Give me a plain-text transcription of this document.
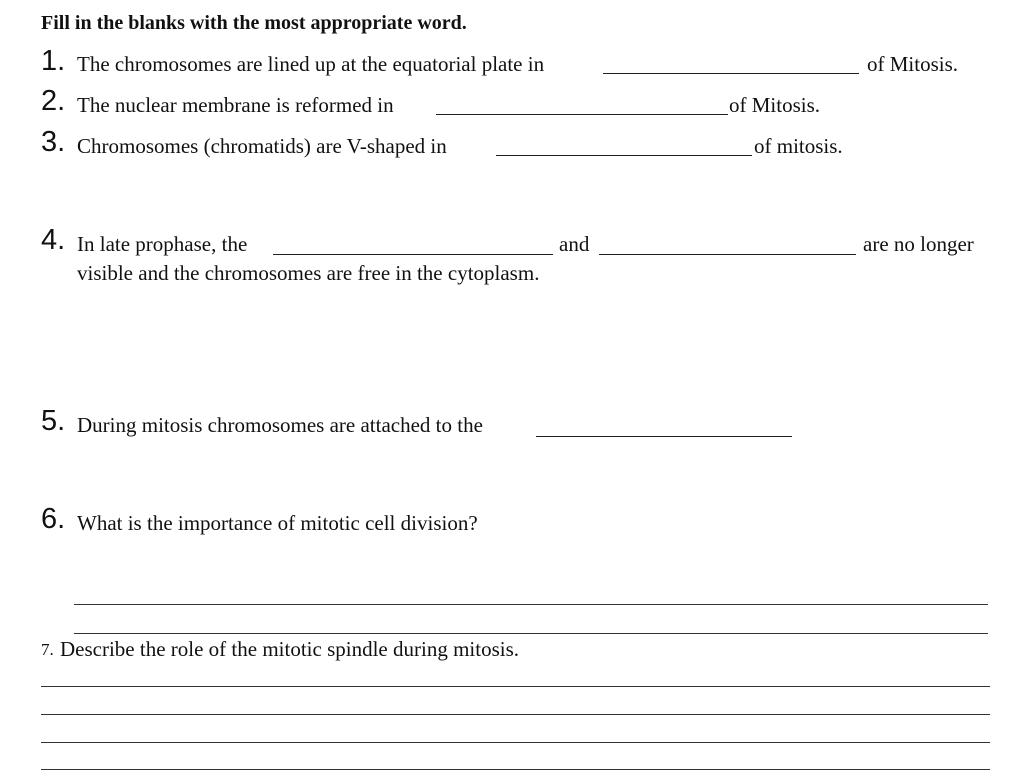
Fill in the blanks with the most appropriate word.
1. The chromosomes are lined up at the equatorial plate in	of Mitosis.
2. The nuclear membrane is reformed in	of Mitosis.
3. Chromosomes (chromatids) are V-shaped in	of mitosis.
4. In late prophase, the	and	are no longer
visible and the chromosomes are free in the cytoplasm.
5. During mitosis chromosomes are attached to the
6. What is the importance of mitotic cell division?
7. Describe the role of the mitotic spindle during mitosis.
